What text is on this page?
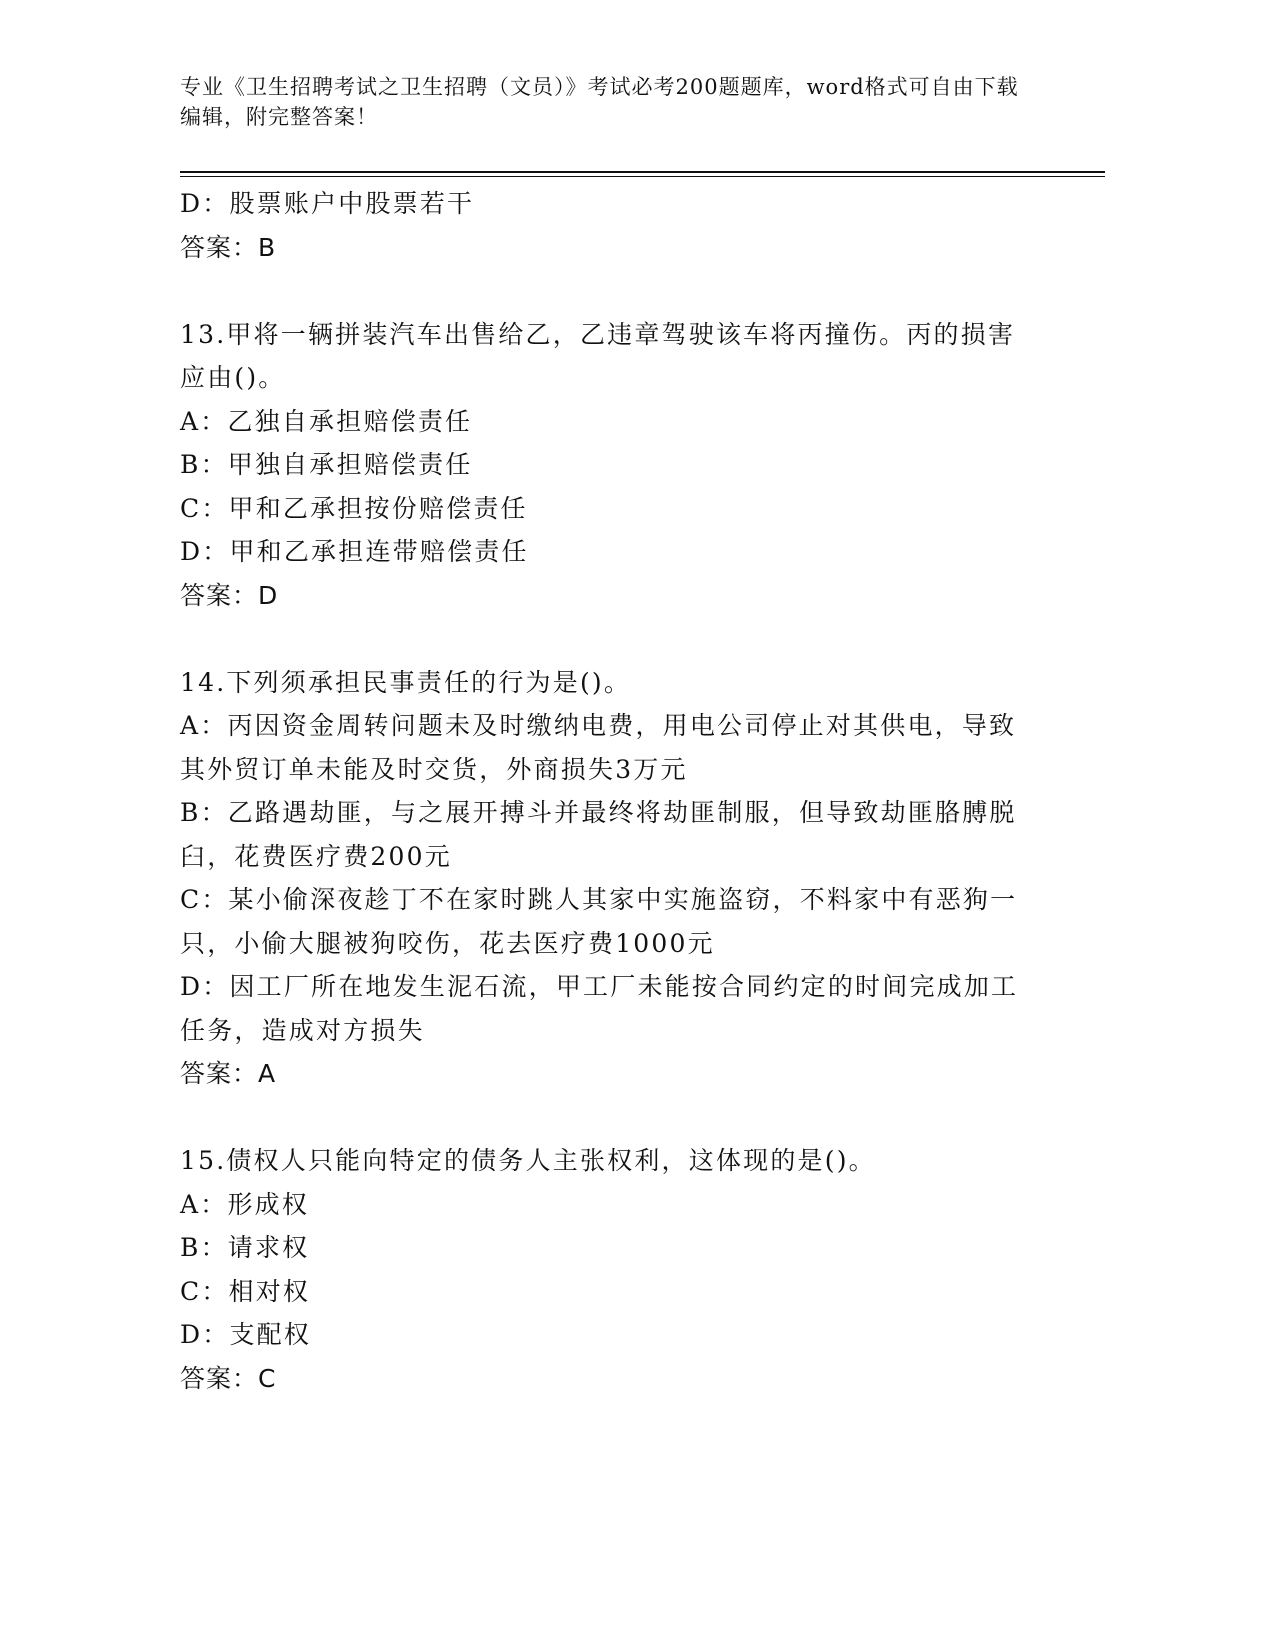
专业《卫生招聘考试之卫生招聘（文员）》考试必考200题题库，word格式可自由下载编辑，附完整答案！
D：股票账户中股票若干
答案：B
13.甲将一辆拼装汽车出售给乙，乙违章驾驶该车将丙撞伤。丙的损害应由()。
A：乙独自承担赔偿责任
B：甲独自承担赔偿责任
C：甲和乙承担按份赔偿责任
D：甲和乙承担连带赔偿责任
答案：D
14.下列须承担民事责任的行为是()。
A：丙因资金周转问题未及时缴纳电费，用电公司停止对其供电，导致其外贸订单未能及时交货，外商损失3万元
B：乙路遇劫匪，与之展开搏斗并最终将劫匪制服，但导致劫匪胳膊脱臼，花费医疗费200元
C：某小偷深夜趁丁不在家时跳人其家中实施盗窃，不料家中有恶狗一只，小偷大腿被狗咬伤，花去医疗费1000元
D：因工厂所在地发生泥石流，甲工厂未能按合同约定的时间完成加工任务，造成对方损失
答案：A
15.债权人只能向特定的债务人主张权利，这体现的是()。
A：形成权
B：请求权
C：相对权
D：支配权
答案：C
